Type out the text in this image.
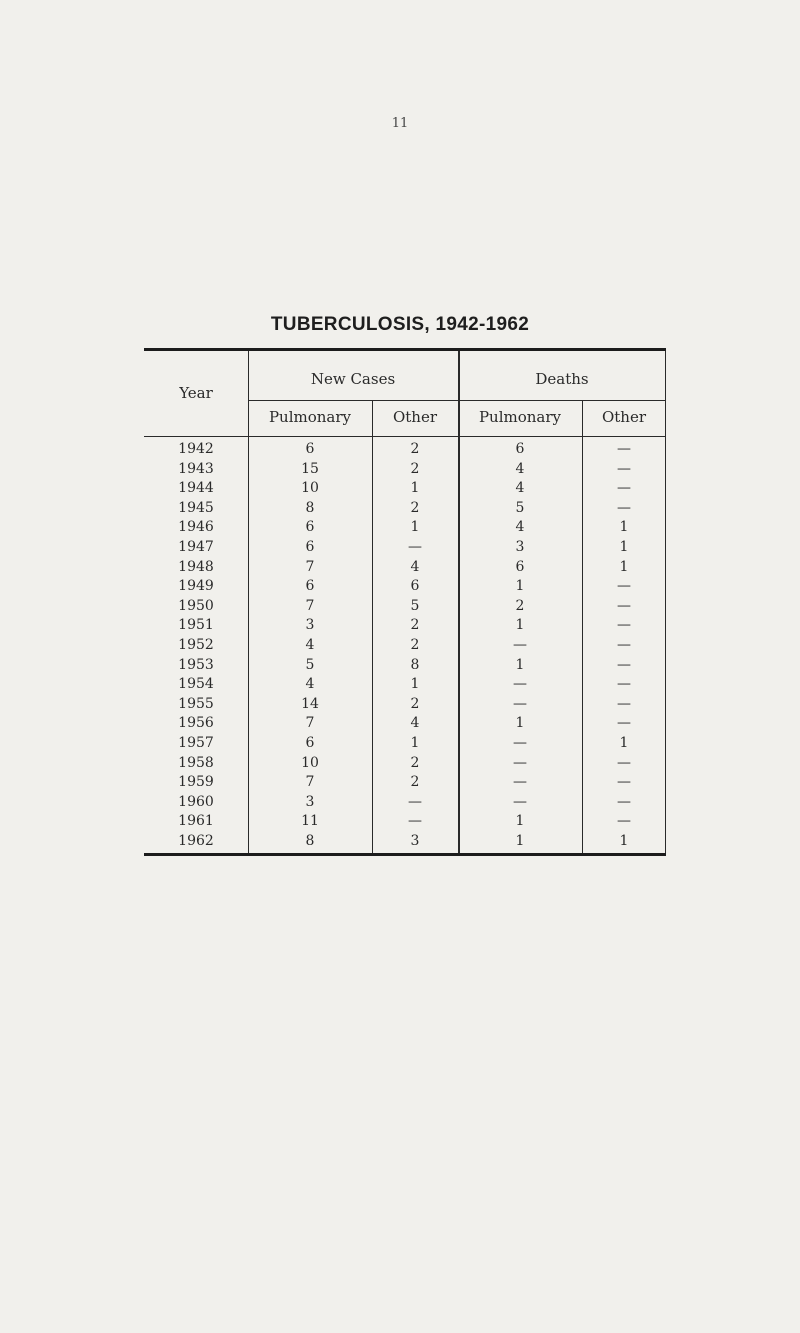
11
TUBERCULOSIS, 1942-1962
Year
New Cases	Deaths
Pulmonary	Other	Pulmonary	Other
1942	6	2	6	—
1943	15	2	4	—
1944	10	1	4	—
1945	8	2	5	—
1946	6	1	4	1
1947	6	—	3	1
1948	7	4	6	1
1949	6	6	1	—
1950	7	5	2	—
1951	3	2	1	—
1952	4	2	—	—
1953	5	8	1	—
1954	4	1	—	—
1955	14	2	—	—
1956	7	4	1	—
1957	6	1	—	1
1958	10	2	—	—
1959	7	2	—	—
1960	3	—	—	—
1961	11	—	1	—
1962	8	3	1	1
